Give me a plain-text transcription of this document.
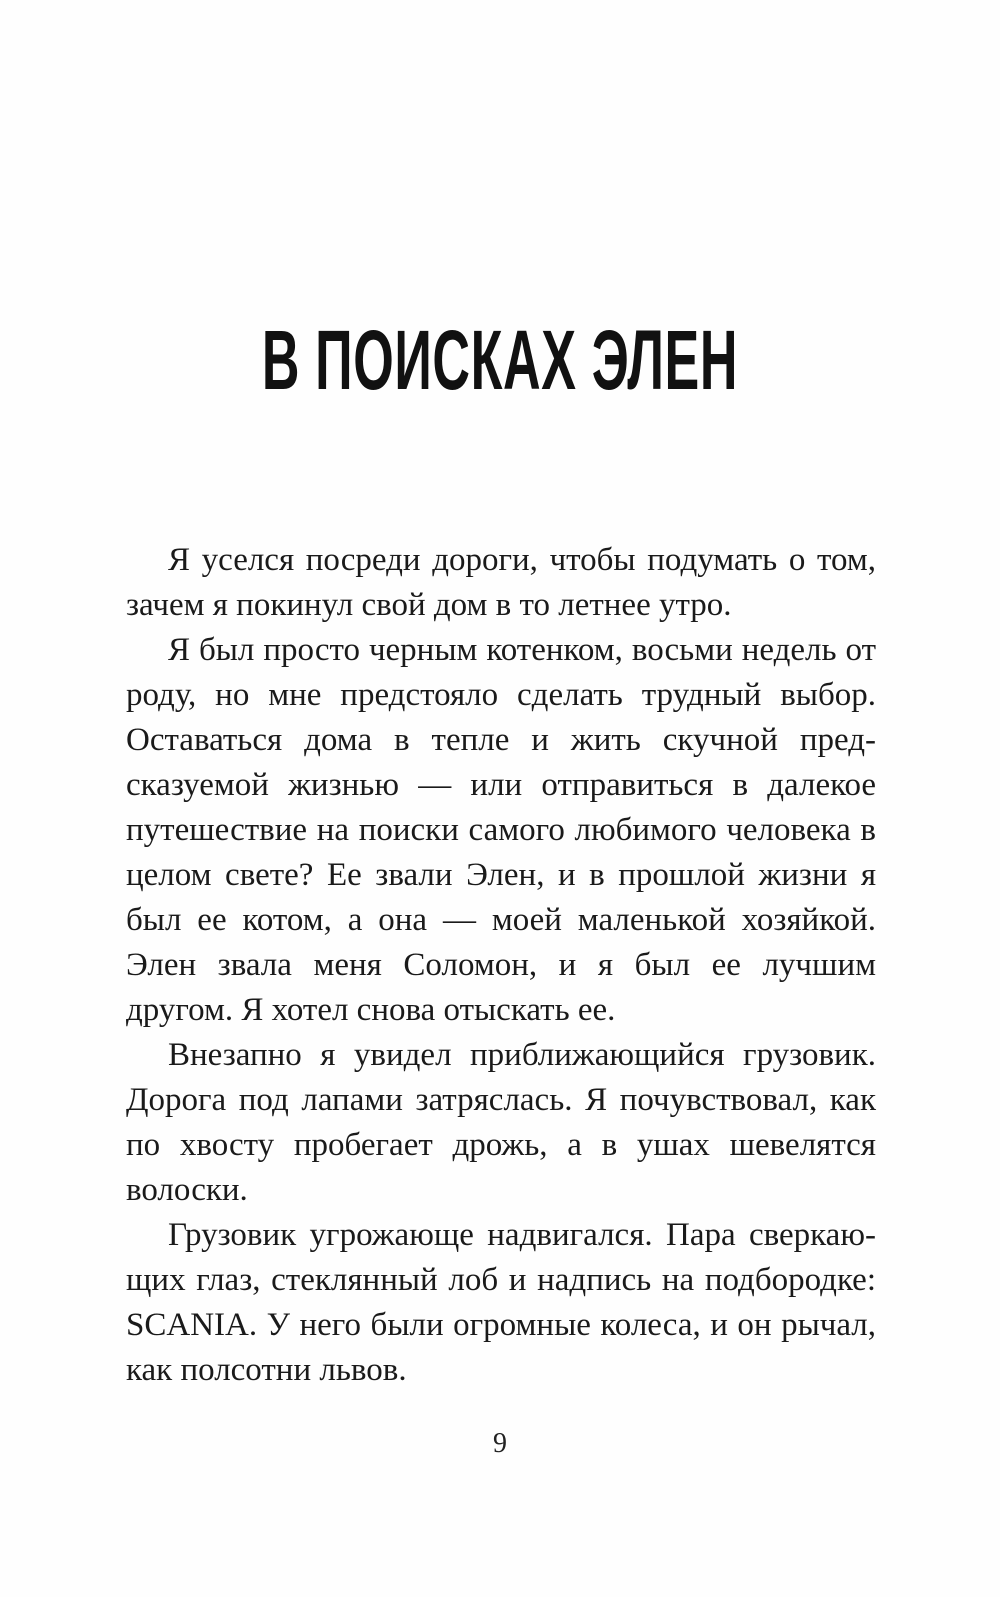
В ПОИСКАХ ЭЛЕН

Я уселся посреди дороги, чтобы подумать о том, зачем я покинул свой дом в то летнее утро.

Я был просто черным котенком, восьми недель от роду, но мне предстояло сделать трудный выбор. Оставаться дома в тепле и жить скучной предсказуемой жизнью — или отправиться в далекое путешествие на поиски самого любимого человека в целом свете? Ее звали Элен, и в прошлой жизни я был ее котом, а она — моей маленькой хозяйкой. Элен звала меня Соломон, и я был ее лучшим другом. Я хотел снова отыскать ее.

Внезапно я увидел приближающийся грузовик. Дорога под лапами затряслась. Я почувствовал, как по хвосту пробегает дрожь, а в ушах шевелятся волоски.

Грузовик угрожающе надвигался. Пара сверкающих глаз, стеклянный лоб и надпись на подбородке: SCANIA. У него были огромные колеса, и он рычал, как полсотни львов.

9
